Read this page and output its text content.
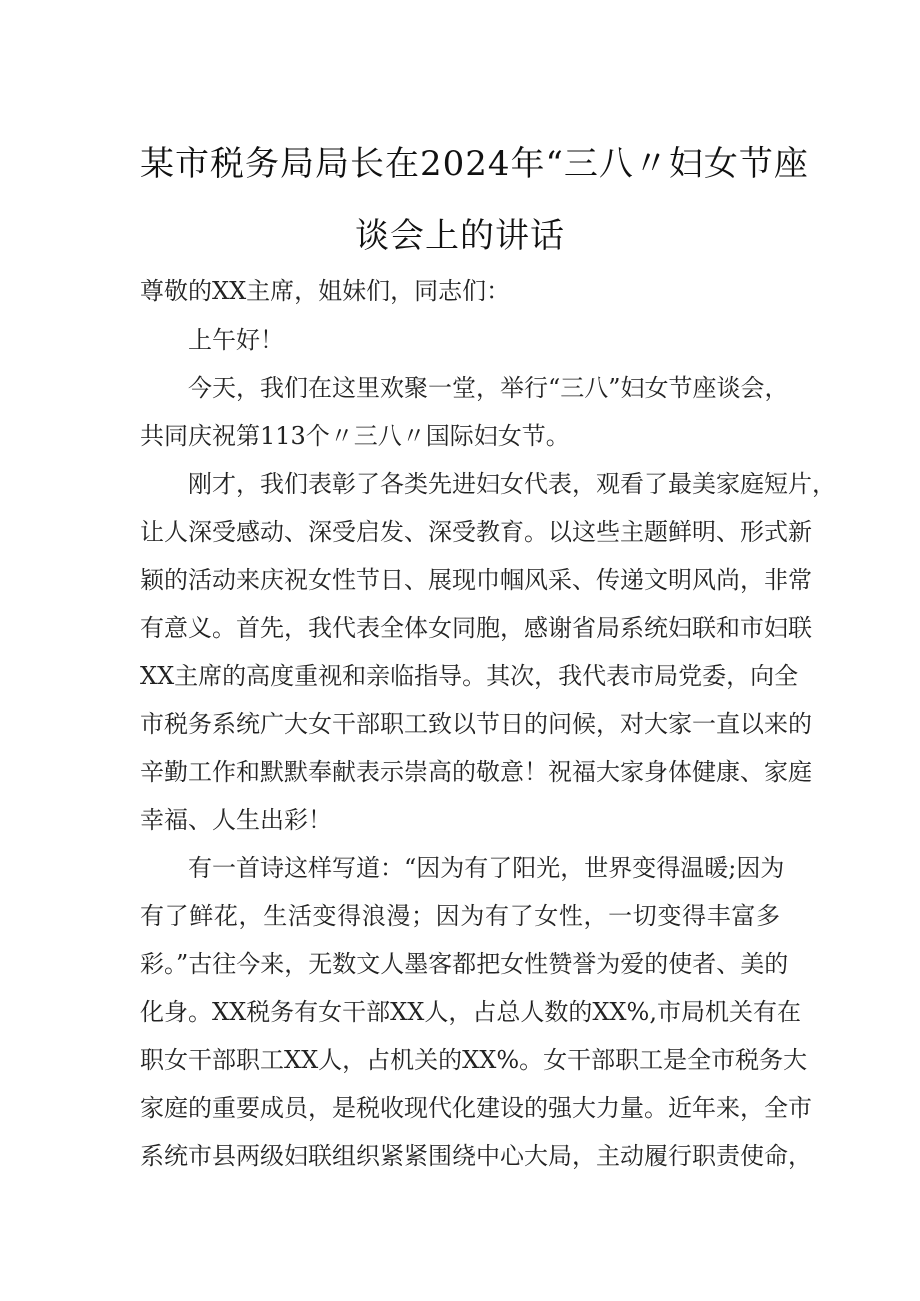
某市税务局局长在2024年“三八〃妇女节座
谈会上的讲话
尊敬的XX主席，姐妹们，同志们：
上午好！
今天，我们在这里欢聚一堂，举行“三八”妇女节座谈会，
共同庆祝第113个〃三八〃国际妇女节。
刚才，我们表彰了各类先进妇女代表，观看了最美家庭短片，
让人深受感动、深受启发、深受教育。以这些主题鲜明、形式新
颖的活动来庆祝女性节日、展现巾帼风采、传递文明风尚，非常
有意义。首先，我代表全体女同胞，感谢省局系统妇联和市妇联
XX主席的高度重视和亲临指导。其次，我代表市局党委，向全
市税务系统广大女干部职工致以节日的问候，对大家一直以来的
辛勤工作和默默奉献表示崇高的敬意！祝福大家身体健康、家庭
幸福、人生出彩！
有一首诗这样写道：“因为有了阳光，世界变得温暖;因为
有了鲜花，生活变得浪漫；因为有了女性，一切变得丰富多
彩。”古往今来，无数文人墨客都把女性赞誉为爱的使者、美的
化身。XX税务有女干部XX人，占总人数的XX%,市局机关有在
职女干部职工XX人，占机关的XX%。女干部职工是全市税务大
家庭的重要成员，是税收现代化建设的强大力量。近年来，全市
系统市县两级妇联组织紧紧围绕中心大局，主动履行职责使命，
